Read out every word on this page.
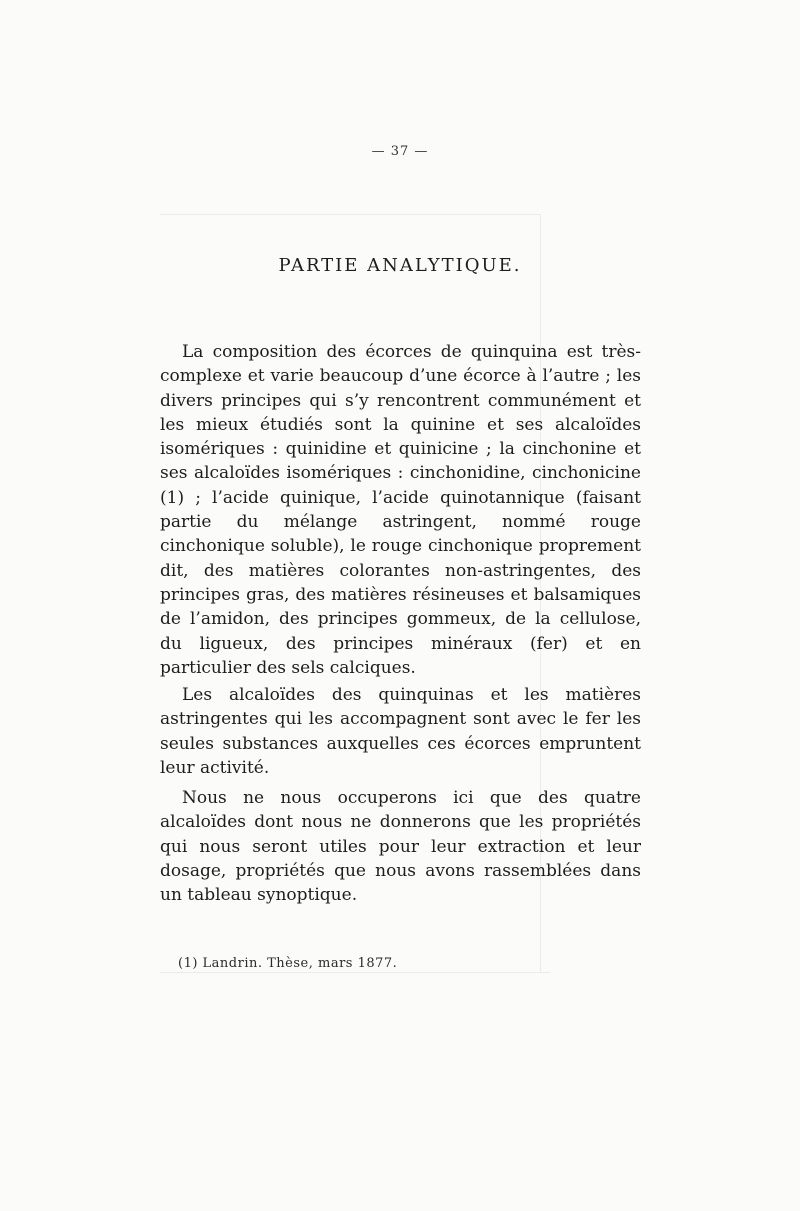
— 37 —
PARTIE ANALYTIQUE.

La composition des écorces de quinquina est très-complexe et varie beaucoup d’une écorce à l’autre ; les divers principes qui s’y rencontrent communément et les mieux étudiés sont la quinine et ses alcaloïdes isomériques : quinidine et quinicine ; la cinchonine et ses alcaloïdes isomériques : cinchonidine, cinchonicine (1) ; l’acide quinique, l’acide quinotannique (faisant partie du mélange astringent, nommé rouge cinchonique soluble), le rouge cinchonique proprement dit, des matières colorantes non-astringentes, des principes gras, des matières résineuses et balsamiques de l’amidon, des principes gommeux, de la cellulose, du ligueux, des principes minéraux (fer) et en particulier des sels calciques.

Les alcaloïdes des quinquinas et les matières astringentes qui les accompagnent sont avec le fer les seules substances auxquelles ces écorces empruntent leur activité.

Nous ne nous occuperons ici que des quatre alcaloïdes dont nous ne donnerons que les propriétés qui nous seront utiles pour leur extraction et leur dosage, propriétés que nous avons rassemblées dans un tableau synoptique.

(1) Landrin. Thèse, mars 1877.
